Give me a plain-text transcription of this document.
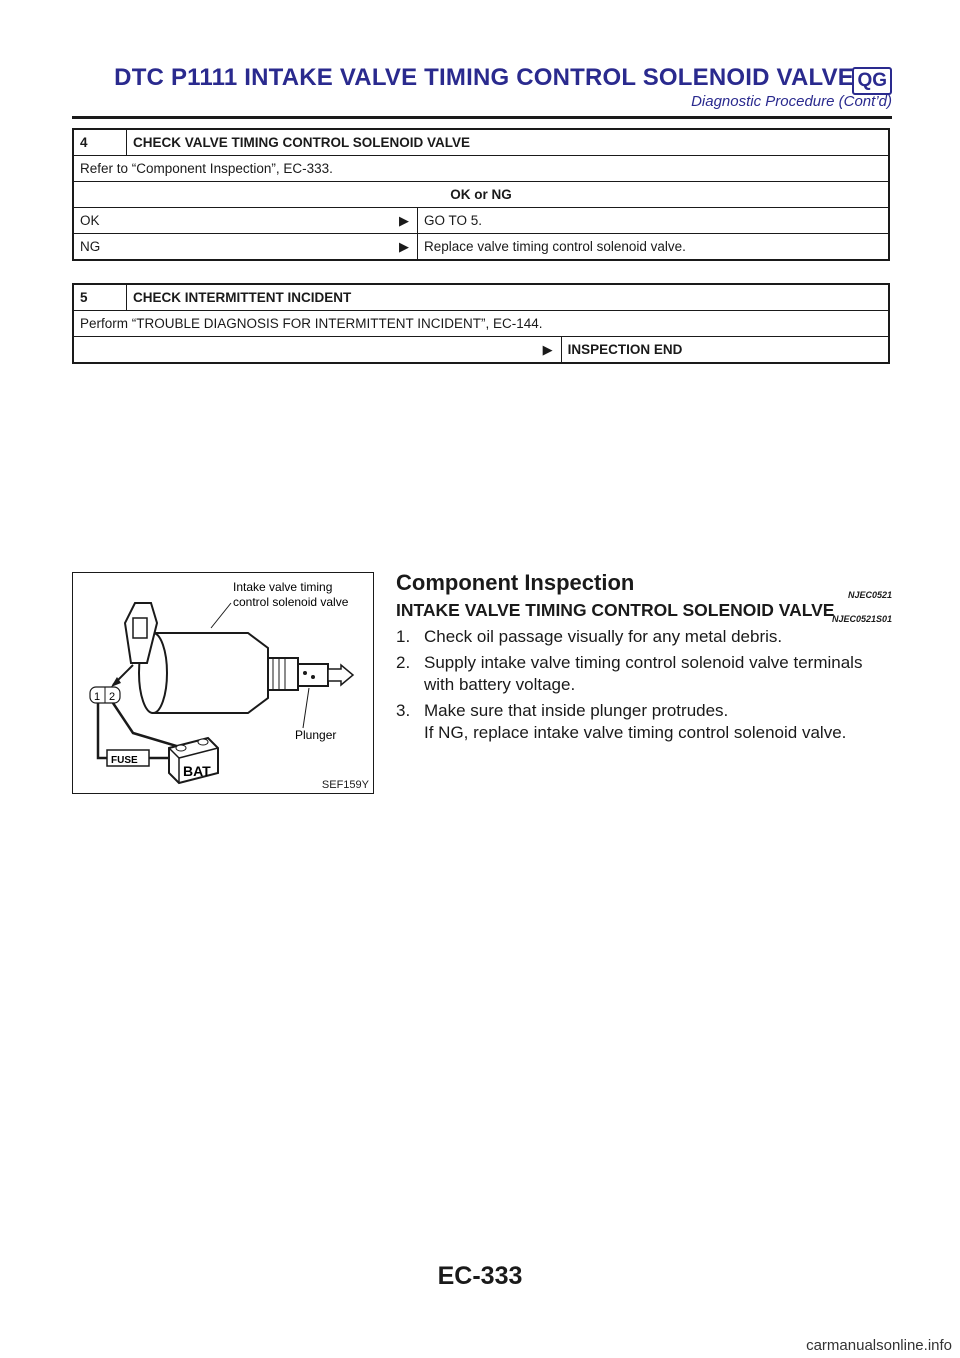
DTC P1111 INTAKE VALVE TIMING CONTROL SOLENOID VALVE QG
Diagnostic Procedure (Cont’d)
4	CHECK VALVE TIMING CONTROL SOLENOID VALVE	
Refer to “Component Inspection”, EC-333.		
OK or NG		
OK ▶		GO TO 5.
NG ▶		Replace valve timing control solenoid valve.
5	CHECK INTERMITTENT INCIDENT	
Perform “TROUBLE DIAGNOSIS FOR INTERMITTENT INCIDENT”, EC-144.		

▶		INSPECTION END
Intake valve timing
control solenoid valve
Plunger
1 2
FUSE
BAT
SEF159Y
Component Inspection	NJEC0521
INTAKE VALVE TIMING CONTROL SOLENOID VALVE
NJEC0521S01
1. Check oil passage visually for any metal debris.
2. Supply intake valve timing control solenoid valve terminals with battery voltage.
3. Make sure that inside plunger protrudes.
If NG, replace intake valve timing control solenoid valve.
EC-333
carmanualsonline.info
